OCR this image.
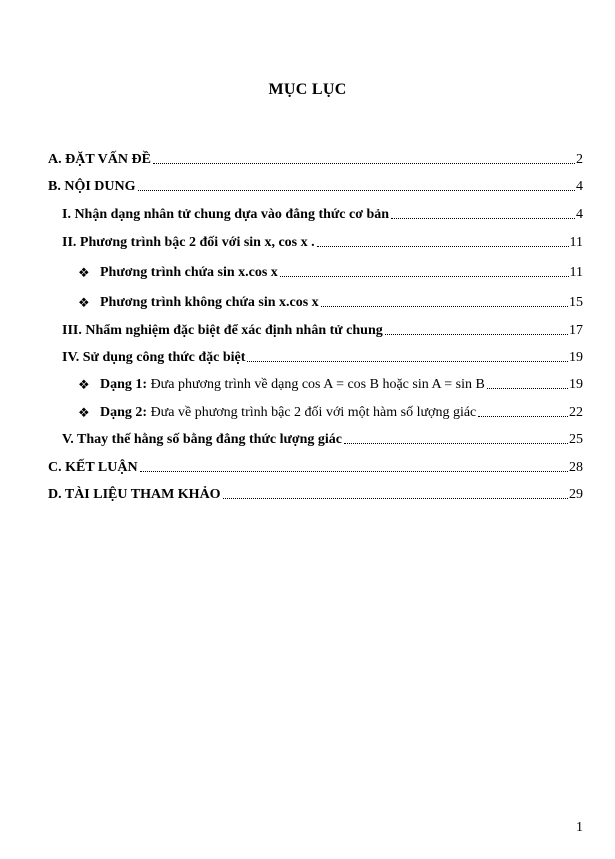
MỤC LỤC
A. ĐẶT VẤN ĐỀ	2
B. NỘI DUNG	4
I. Nhận dạng nhân tử chung dựa vào đẳng thức cơ bản	4
II. Phương trình bậc 2 đối với sin x, cos x .	11
❖ Phương trình chứa sin x.cos x	11
❖ Phương trình không chứa sin x.cos x	15
III. Nhẩm nghiệm đặc biệt để xác định nhân tử chung	17
IV. Sử dụng công thức đặc biệt	19
❖ Dạng 1: Đưa phương trình về dạng cos A = cos B hoặc sin A = sin B	19
❖ Dạng 2: Đưa về phương trình bậc 2 đối với một hàm số lượng giác	22
V. Thay thế hằng số bằng đẳng thức lượng giác	25
C. KẾT LUẬN	28
D. TÀI LIỆU THAM KHẢO	29
1
